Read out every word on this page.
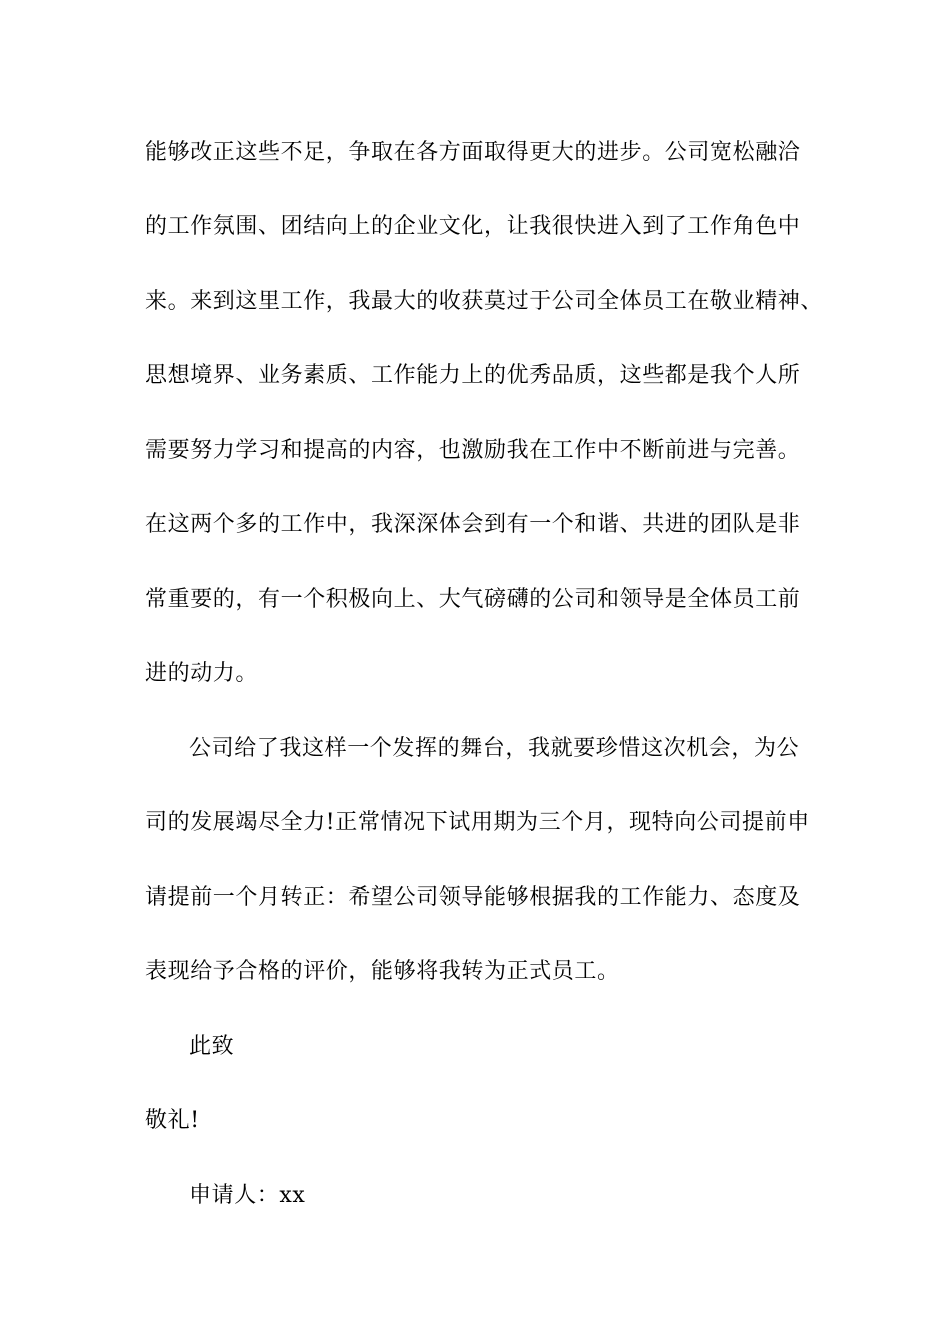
能够改正这些不足，争取在各方面取得更大的进步。公司宽松融洽
的工作氛围、团结向上的企业文化，让我很快进入到了工作角色中
来。来到这里工作，我最大的收获莫过于公司全体员工在敬业精神、
思想境界、业务素质、工作能力上的优秀品质，这些都是我个人所
需要努力学习和提高的内容，也激励我在工作中不断前进与完善。
在这两个多的工作中，我深深体会到有一个和谐、共进的团队是非
常重要的，有一个积极向上、大气磅礴的公司和领导是全体员工前
进的动力。
公司给了我这样一个发挥的舞台，我就要珍惜这次机会，为公
司的发展竭尽全力!正常情况下试用期为三个月，现特向公司提前申
请提前一个月转正：希望公司领导能够根据我的工作能力、态度及
表现给予合格的评价，能够将我转为正式员工。
此致
敬礼!
申请人：xx
